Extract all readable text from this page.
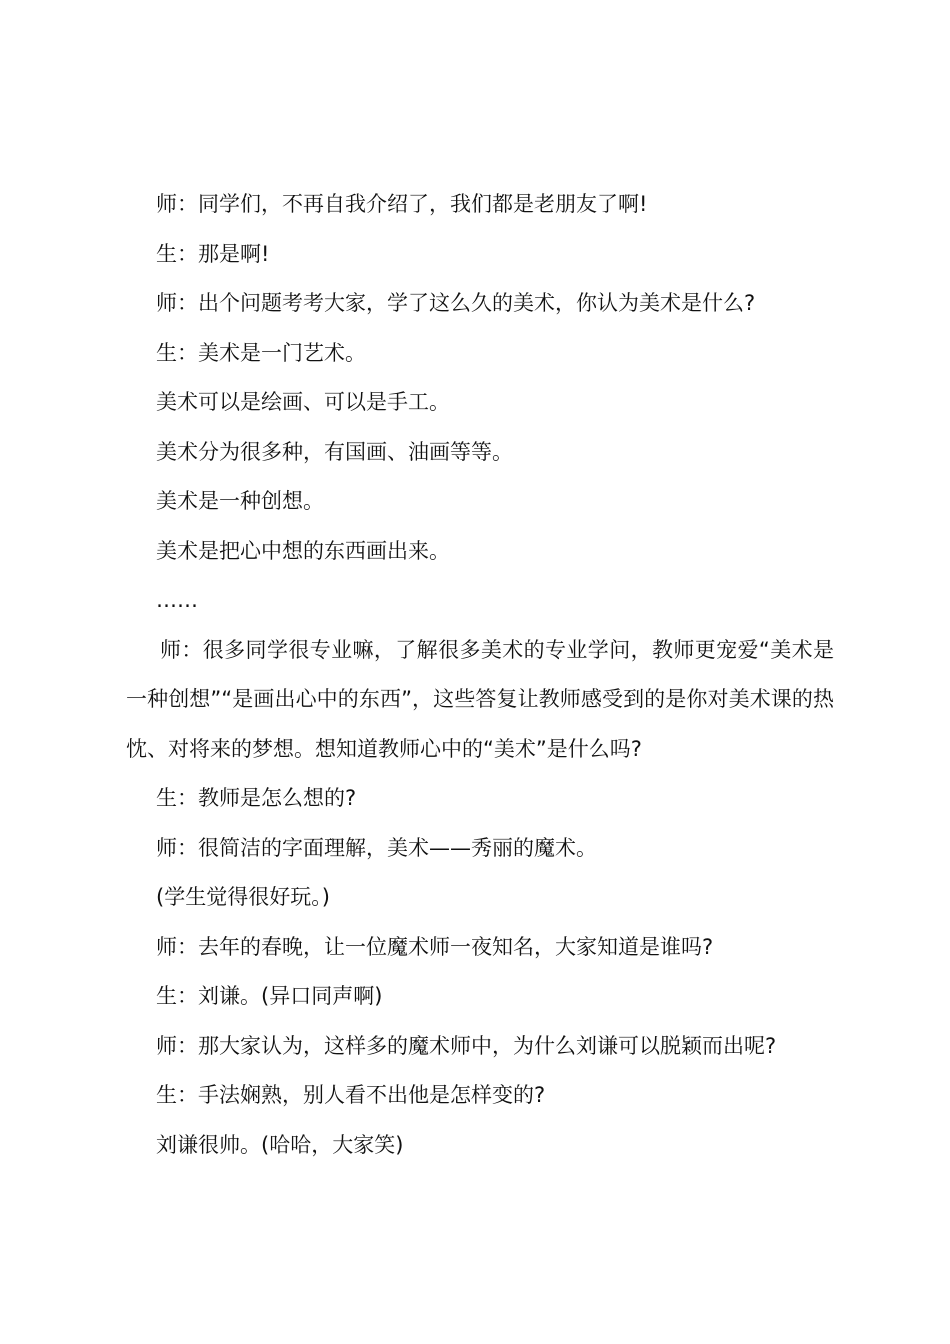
师：同学们，不再自我介绍了，我们都是老朋友了啊!

生：那是啊!

师：出个问题考考大家，学了这么久的美术，你认为美术是什么?

生：美术是一门艺术。

美术可以是绘画、可以是手工。

美术分为很多种，有国画、油画等等。

美术是一种创想。

美术是把心中想的东西画出来。

……

师：很多同学很专业嘛，了解很多美术的专业学问，教师更宠爱“美术是一种创想”“是画出心中的东西”，这些答复让教师感受到的是你对美术课的热忱、对将来的梦想。想知道教师心中的“美术”是什么吗?

生：教师是怎么想的?

师：很简洁的字面理解，美术——秀丽的魔术。

(学生觉得很好玩。)

师：去年的春晚，让一位魔术师一夜知名，大家知道是谁吗?

生：刘谦。(异口同声啊)

师：那大家认为，这样多的魔术师中，为什么刘谦可以脱颖而出呢?

生：手法娴熟，别人看不出他是怎样变的?

刘谦很帅。(哈哈，大家笑)
